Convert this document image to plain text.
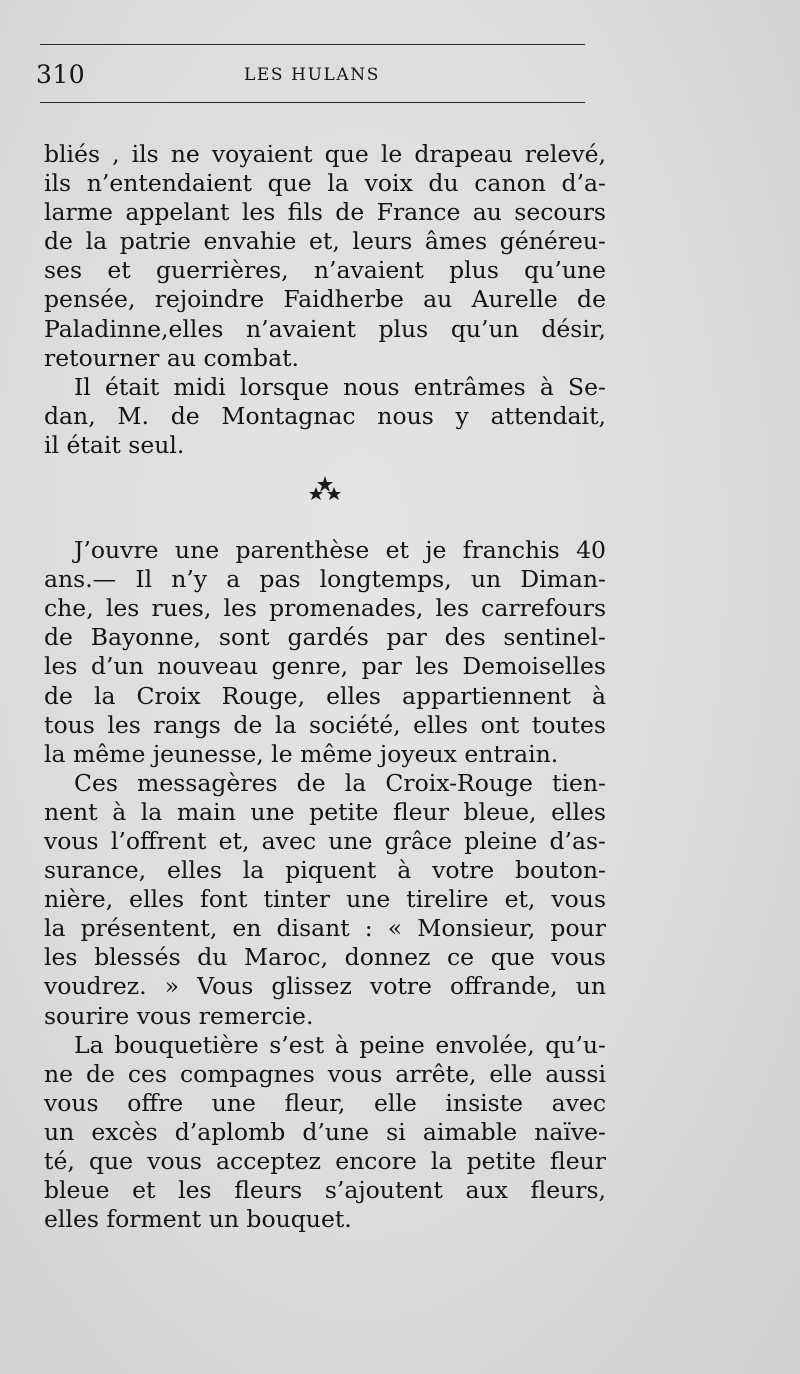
310	LES HULANS

bliés , ils ne voyaient que le drapeau relevé,
ils n’entendaient que la voix du canon d’a-
larme appelant les fils de France au secours
de la patrie envahie et, leurs âmes généreu-
ses et guerrières, n’avaient plus qu’une
pensée, rejoindre Faidherbe au Aurelle de
Paladinne,elles n’avaient plus qu’un désir,
retourner au combat.

Il était midi lorsque nous entrâmes à Se-
dan, M. de Montagnac nous y attendait,
il était seul.

J’ouvre une parenthèse et je franchis 40
ans.— Il n’y a pas longtemps, un Diman-
che, les rues, les promenades, les carrefours
de Bayonne, sont gardés par des sentinel-
les d’un nouveau genre, par les Demoiselles
de la Croix Rouge, elles appartiennent à
tous les rangs de la société, elles ont toutes
la même jeunesse, le même joyeux entrain.

Ces messagères de la Croix-Rouge tien-
nent à la main une petite fleur bleue, elles
vous l’offrent et, avec une grâce pleine d’as-
surance, elles la piquent à votre bouton-
nière, elles font tinter une tirelire et, vous
la présentent, en disant : « Monsieur, pour
les blessés du Maroc, donnez ce que vous
voudrez. » Vous glissez votre offrande, un
sourire vous remercie.

La bouquetière s’est à peine envolée, qu’u-
ne de ces compagnes vous arrête, elle aussi
vous offre une fleur, elle insiste avec
un excès d’aplomb d’une si aimable naïve-
té, que vous acceptez encore la petite fleur
bleue et les fleurs s’ajoutent aux fleurs,
elles forment un bouquet.
